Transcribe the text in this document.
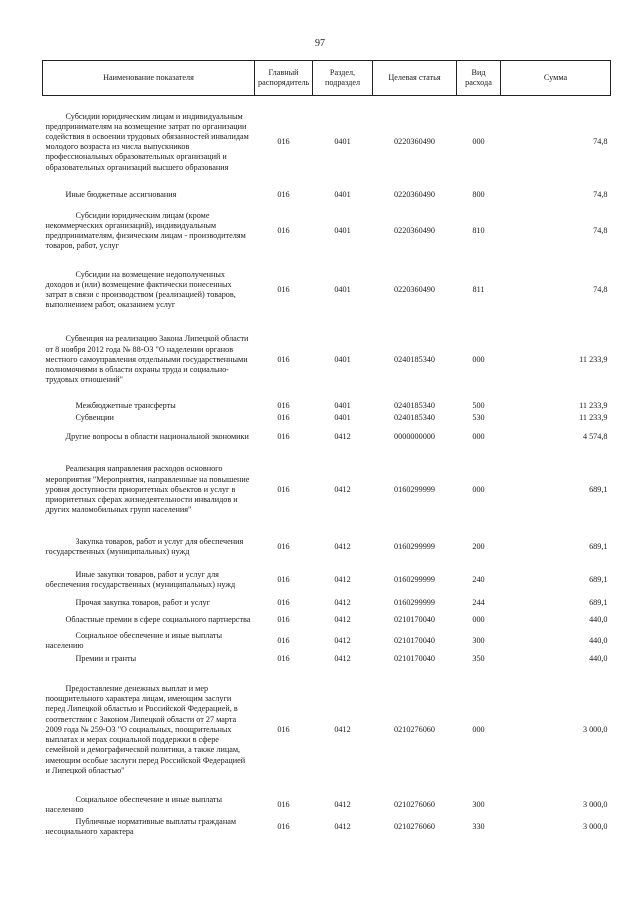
97
Наименование показателя	Главный распорядитель	Раздел, подраздел	Целевая статья	Вид расхода	Сумма
Субсидии юридическим лицам и индивидуальным предпринимателям на возмещение затрат по организации содействия в освоении трудовых обязанностей инвалидам молодого возраста из числа выпускников профессиональных образовательных организаций и образовательных организаций высшего образования	016	0401	0220360490	000	74,8
Иные бюджетные ассигнования	016	0401	0220360490	800	74,8
Субсидии юридическим лицам (кроме некоммерческих организаций), индивидуальным предпринимателям, физическим лицам - производителям товаров, работ, услуг	016	0401	0220360490	810	74,8
Субсидии на возмещение недополученных доходов и (или) возмещение фактически понесенных затрат в связи с производством (реализацией) товаров, выполнением работ, оказанием услуг	016	0401	0220360490	811	74,8
Субвенция на реализацию Закона Липецкой области от 8 ноября 2012 года № 88-ОЗ "О наделении органов местного самоуправления отдельными государственными полномочиями в области охраны труда и социально-трудовых отношений"	016	0401	0240185340	000	11 233,9
Межбюджетные трансферты	016	0401	0240185340	500	11 233,9
Субвенции	016	0401	0240185340	530	11 233,9
Другие вопросы в области национальной экономики	016	0412	0000000000	000	4 574,8
Реализация направления расходов основного мероприятия "Мероприятия, направленные на повышение уровня доступности приоритетных объектов и услуг в приоритетных сферах жизнедеятельности инвалидов и других маломобильных групп населения"	016	0412	0160299999	000	689,1
Закупка товаров, работ и услуг для обеспечения государственных (муниципальных) нужд	016	0412	0160299999	200	689,1
Иные закупки товаров, работ и услуг для обеспечения государственных (муниципальных) нужд	016	0412	0160299999	240	689,1
Прочая закупка товаров, работ и услуг	016	0412	0160299999	244	689,1
Областные премии в сфере социального партнерства	016	0412	0210170040	000	440,0
Социальное обеспечение и иные выплаты населению	016	0412	0210170040	300	440,0
Премии и гранты	016	0412	0210170040	350	440,0
Предоставление денежных выплат и мер поощрительного характера лицам, имеющим заслуги перед Липецкой областью и Российской Федерацией, в соответствии с Законом Липецкой области от 27 марта 2009 года № 259-ОЗ "О социальных, поощрительных выплатах и мерах социальной поддержки в сфере семейной и демографической политики, а также лицам, имеющим особые заслуги перед Российской Федерацией и Липецкой областью"	016	0412	0210276060	000	3 000,0
Социальное обеспечение и иные выплаты населению	016	0412	0210276060	300	3 000,0
Публичные нормативные выплаты гражданам несоциального характера	016	0412	0210276060	330	3 000,0
